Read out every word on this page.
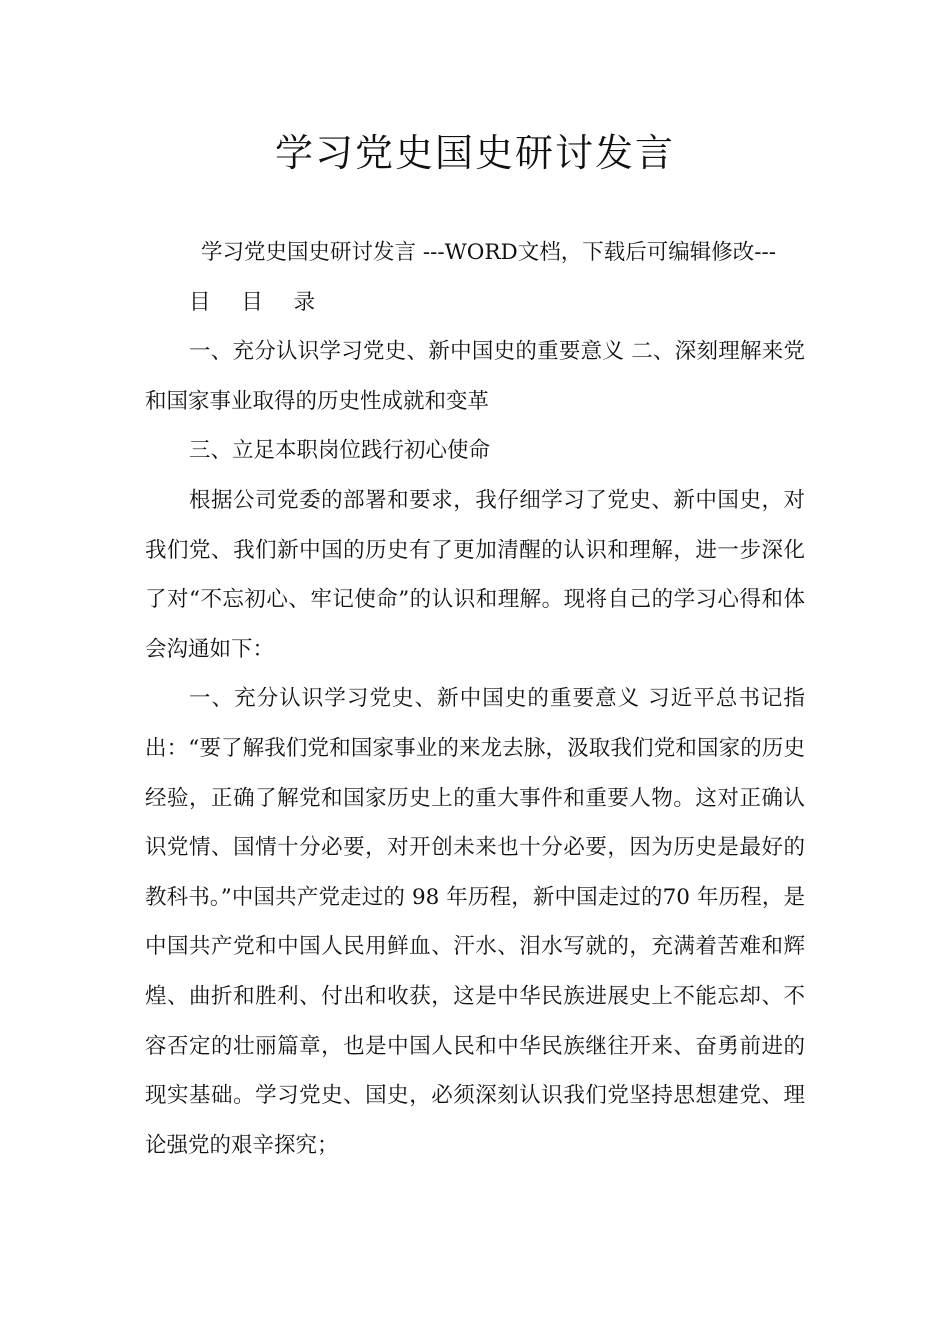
学习党史国史研讨发言

学习党史国史研讨发言 ---WORD文档，下载后可编辑修改---

目 目 录

一、充分认识学习党史、新中国史的重要意义 二、深刻理解来党和国家事业取得的历史性成就和变革

三、立足本职岗位践行初心使命

根据公司党委的部署和要求，我仔细学习了党史、新中国史，对我们党、我们新中国的历史有了更加清醒的认识和理解，进一步深化了对“不忘初心、牢记使命”的认识和理解。现将自己的学习心得和体会沟通如下：

一、充分认识学习党史、新中国史的重要意义 习近平总书记指出：“要了解我们党和国家事业的来龙去脉，汲取我们党和国家的历史经验，正确了解党和国家历史上的重大事件和重要人物。这对正确认识党情、国情十分必要，对开创未来也十分必要，因为历史是最好的教科书。”中国共产党走过的 98 年历程，新中国走过的70 年历程，是中国共产党和中国人民用鲜血、汗水、泪水写就的，充满着苦难和辉煌、曲折和胜利、付出和收获，这是中华民族进展史上不能忘却、不容否定的壮丽篇章，也是中国人民和中华民族继往开来、奋勇前进的现实基础。学习党史、国史，必须深刻认识我们党坚持思想建党、理论强党的艰辛探究；
